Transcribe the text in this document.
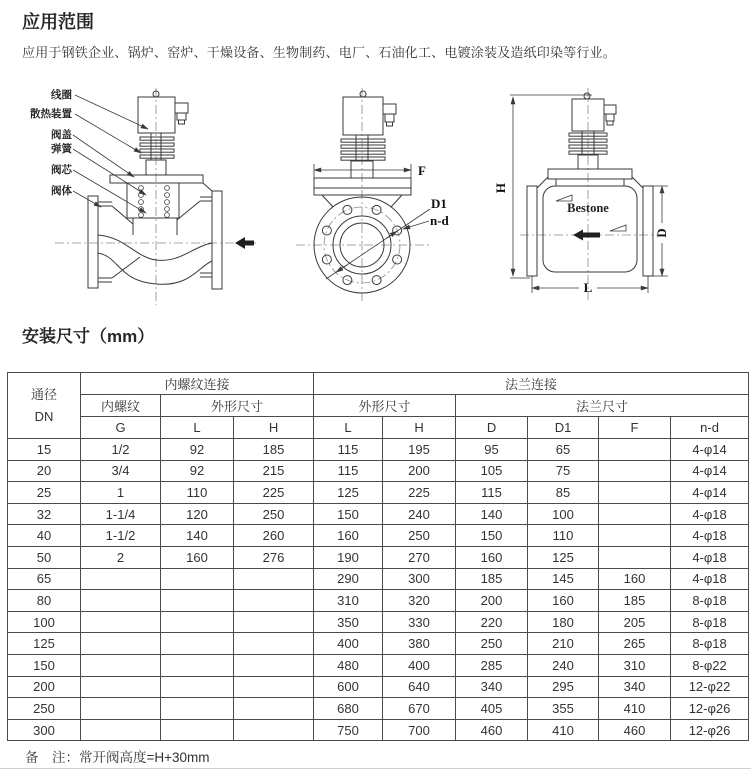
应用范围
应用于钢铁企业、锅炉、窑炉、干燥设备、生物制药、电厂、石油化工、电镀涂装及造纸印染等行业。
线圈
散热装置
阀盖
弹簧
阀芯
阀体
F
D1
n-d
Bestone
H
D
L
安装尺寸（mm）
通径
DN	内螺纹连接			法兰连接					
	内螺纹	外形尺寸		外形尺寸		法兰尺寸			
	G	L	H	L	H	D	D1	F	n-d
15	1/2	92	185	115	195	95	65		4-φ14
20	3/4	92	215	115	200	105	75		4-φ14
25	1	110	225	125	225	115	85		4-φ14
32	1-1/4	120	250	150	240	140	100		4-φ18
40	1-1/2	140	260	160	250	150	110		4-φ18
50	2	160	276	190	270	160	125		4-φ18
65				290	300	185	145	160	4-φ18
80				310	320	200	160	185	8-φ18
100				350	330	220	180	205	8-φ18
125				400	380	250	210	265	8-φ18
150				480	400	285	240	310	8-φ22
200				600	640	340	295	340	12-φ22
250				680	670	405	355	410	12-φ26
300				750	700	460	410	460	12-φ26
备　注：常开阀高度=H+30mm
